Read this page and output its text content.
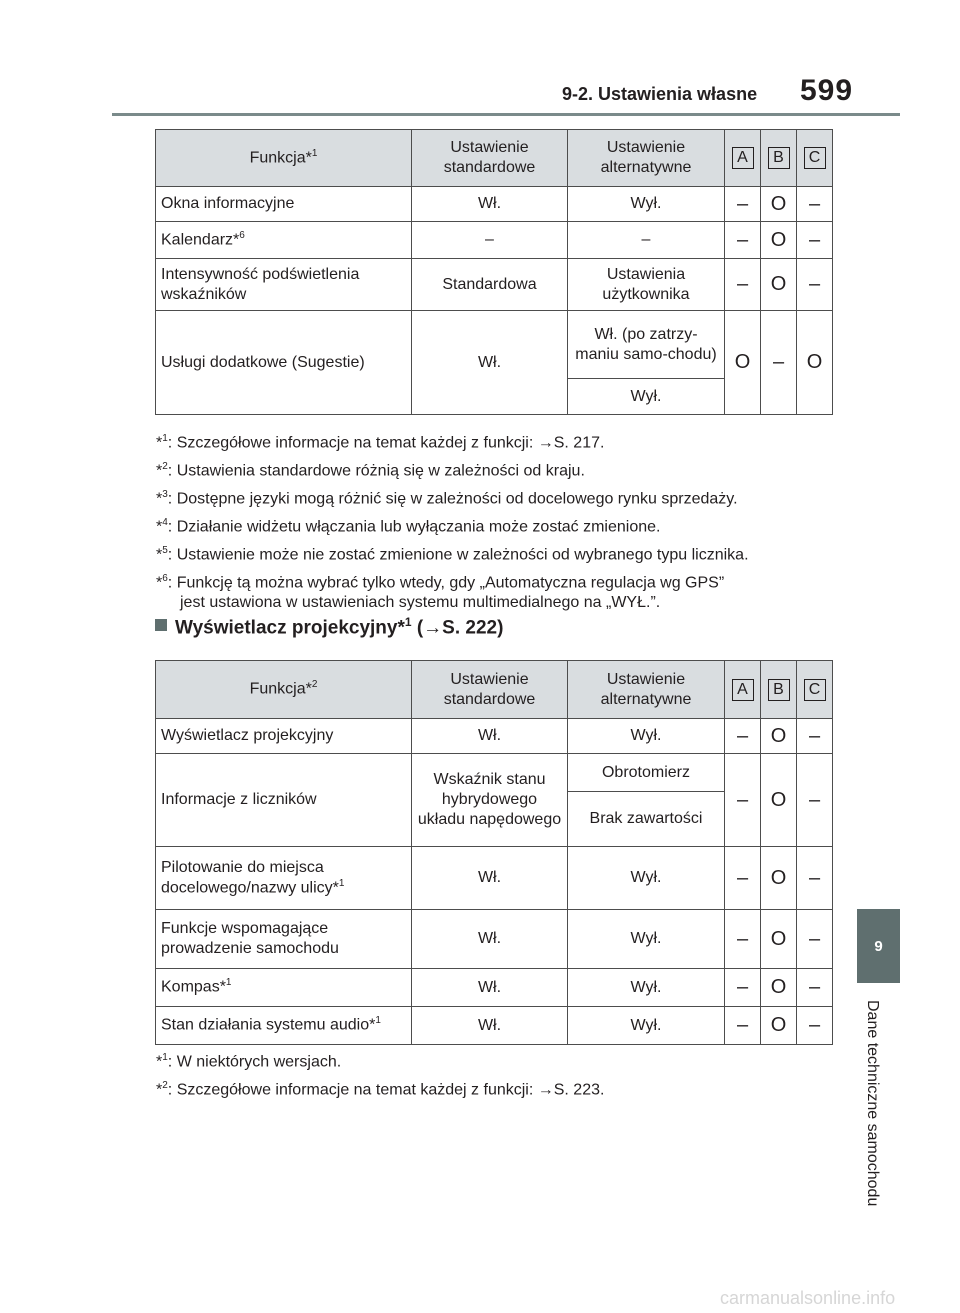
9-2. Ustawienia własne 599
9
Dane techniczne samochodu
Funkcja*$^1$	Ustawienie standardowe	Ustawienie alternatywne	A	B	C
Okna informacyjne	Wł.	Wył.	–	O	–
Kalendarz*$^6$	–	–	–	O	–
Intensywność podświetlenia wskaźników	Standardowa	Ustawienia użytkownika	–	O	–
Usługi dodatkowe (Sugestie)	Wł.	Wł. (po zatrzy-maniu samo-chodu)	O	–	O
		Wył.			
*$^1$: Szczegółowe informacje na temat każdej z funkcji: →S. 217.
*$^2$: Ustawienia standardowe różnią się w zależności od kraju.
*$^3$: Dostępne języki mogą różnić się w zależności od docelowego rynku sprzedaży.
*$^4$: Działanie widżetu włączania lub wyłączania może zostać zmienione.
*$^5$: Ustawienie może nie zostać zmienione w zależności od wybranego typu licznika.
*$^6$: Funkcję tą można wybrać tylko wtedy, gdy „Automatyczna regulacja wg GPS”
jest ustawiona w ustawieniach systemu multimedialnego na „WYŁ.”.
Wyświetlacz projekcyjny*$^1$ (→S. 222)
Funkcja*$^2$	Ustawienie standardowe	Ustawienie alternatywne	A	B	C
Wyświetlacz projekcyjny	Wł.	Wył.	–	O	–
Informacje z liczników	Wskaźnik stanu hybrydowego układu napędowego	Obrotomierz	–	O	–
		Brak zawartości			
Pilotowanie do miejsca docelowego/nazwy ulicy*$^1$	Wł.	Wył.	–	O	–
Funkcje wspomagające prowadzenie samochodu	Wł.	Wył.	–	O	–
Kompas*$^1$	Wł.	Wył.	–	O	–
Stan działania systemu audio*$^1$	Wł.	Wył.	–	O	–
*$^1$: W niektórych wersjach.
*$^2$: Szczegółowe informacje na temat każdej z funkcji: →S. 223.
carmanualsonline.info
